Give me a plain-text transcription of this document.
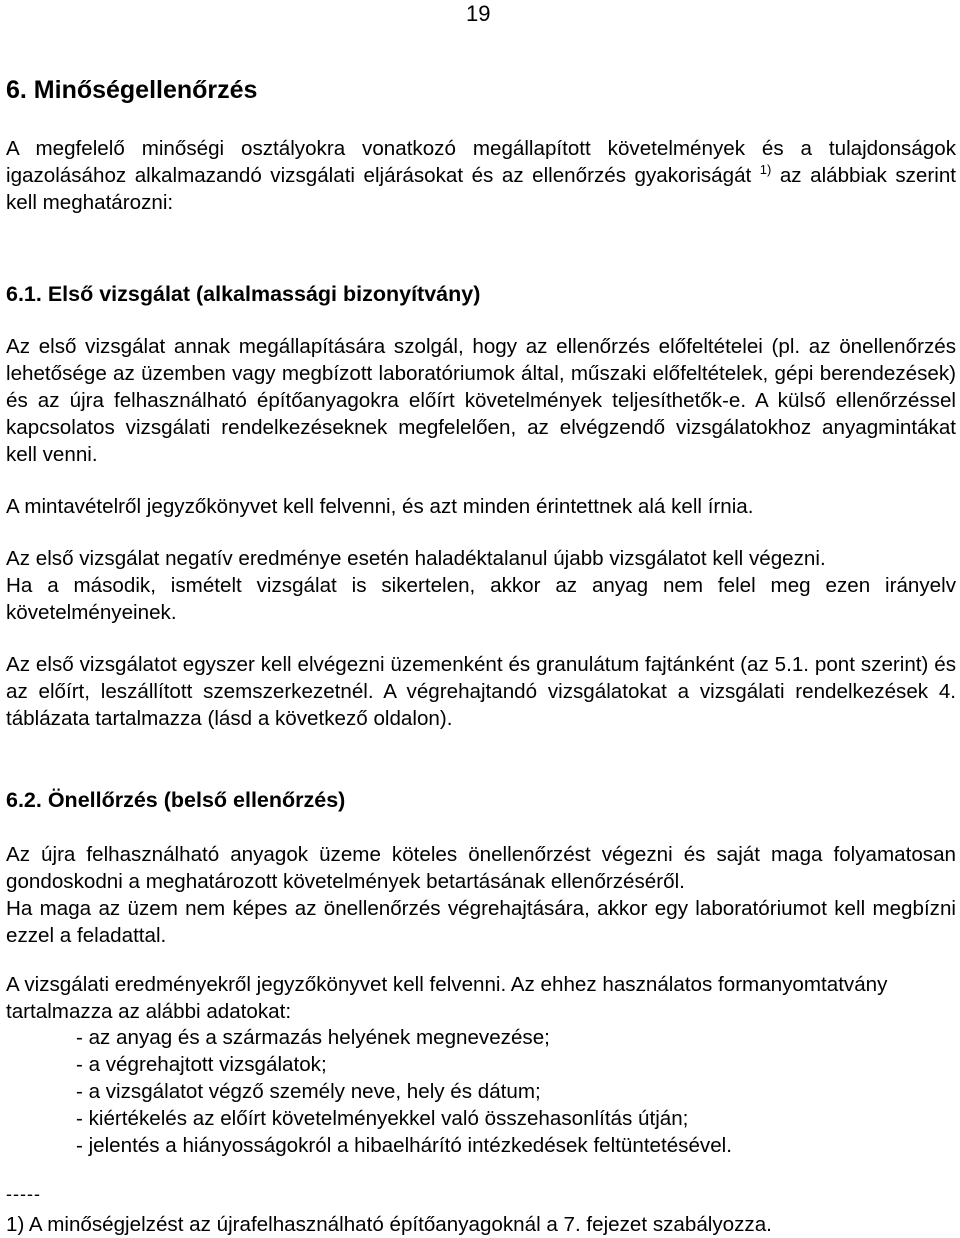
19

6. Minőségellenőrzés

A megfelelő minőségi osztályokra vonatkozó megállapított követelmények és a tulajdonságok igazolásához alkalmazandó vizsgálati eljárásokat és az ellenőrzés gyakoriságát $^{1)}$ az alábbiak szerint kell meghatározni:

6.1. Első vizsgálat (alkalmassági bizonyítvány)

Az első vizsgálat annak megállapítására szolgál, hogy az ellenőrzés előfeltételei (pl. az önellenőrzés lehetősége az üzemben vagy megbízott laboratóriumok által, műszaki előfeltételek, gépi berendezések) és az újra felhasználható építőanyagokra előírt követelmények teljesíthetők-e. A külső ellenőrzéssel kapcsolatos vizsgálati rendelkezéseknek megfelelően, az elvégzendő vizsgálatokhoz anyagmintákat kell venni.

A mintavételről jegyzőkönyvet kell felvenni, és azt minden érintettnek alá kell írnia.

Az első vizsgálat negatív eredménye esetén haladéktalanul újabb vizsgálatot kell végezni.
Ha a második, ismételt vizsgálat is sikertelen, akkor az anyag nem felel meg ezen irányelv követelményeinek.

Az első vizsgálatot egyszer kell elvégezni üzemenként és granulátum fajtánként (az 5.1. pont szerint) és az előírt, leszállított szemszerkezetnél. A végrehajtandó vizsgálatokat a vizsgálati rendelkezések 4. táblázata tartalmazza (lásd a következő oldalon).

6.2. Önellőrzés (belső ellenőrzés)
Az újra felhasználható anyagok üzeme köteles önellenőrzést végezni és saját maga folyamatosan gondoskodni a meghatározott követelmények betartásának ellenőrzéséről.
Ha maga az üzem nem képes az önellenőrzés végrehajtására, akkor egy laboratóriumot kell megbízni ezzel a feladattal.

A vizsgálati eredményekről jegyzőkönyvet kell felvenni. Az ehhez használatos formanyomtatvány tartalmazza az alábbi adatokat:

- az anyag és a származás helyének megnevezése;
- a végrehajtott vizsgálatok;
- a vizsgálatot végző személy neve, hely és dátum;
- kiértékelés az előírt követelményekkel való összehasonlítás útján;
- jelentés a hiányosságokról a hibaelhárító intézkedések feltüntetésével.

-----

1) A minőségjelzést az újrafelhasználható építőanyagoknál a 7. fejezet szabályozza.
